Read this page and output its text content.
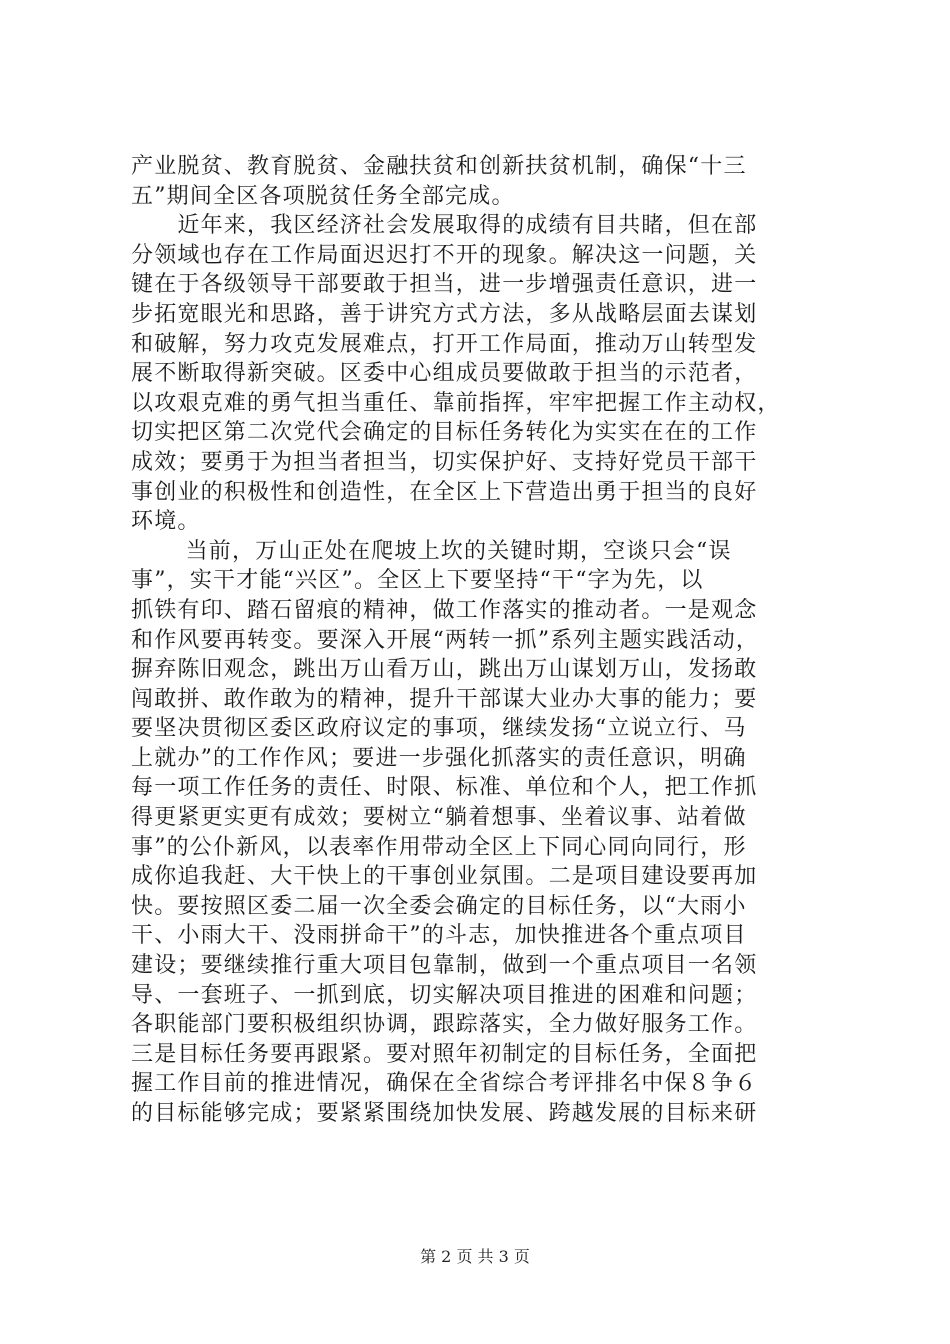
产业脱贫、教育脱贫、金融扶贫和创新扶贫机制，确保“十三
五”期间全区各项脱贫任务全部完成。
　　近年来，我区经济社会发展取得的成绩有目共睹，但在部
分领域也存在工作局面迟迟打不开的现象。解决这一问题，关
键在于各级领导干部要敢于担当，进一步增强责任意识，进一
步拓宽眼光和思路，善于讲究方式方法，多从战略层面去谋划
和破解，努力攻克发展难点，打开工作局面，推动万山转型发
展不断取得新突破。区委中心组成员要做敢于担当的示范者，
以攻艰克难的勇气担当重任、靠前指挥，牢牢把握工作主动权，
切实把区第二次党代会确定的目标任务转化为实实在在的工作
成效；要勇于为担当者担当，切实保护好、支持好党员干部干
事创业的积极性和创造性，在全区上下营造出勇于担当的良好
环境。
　　 当前，万山正处在爬坡上坎的关键时期，空谈只会“误
事”，实干才能“兴区”。全区上下要坚持“干“字为先，以
抓铁有印、踏石留痕的精神，做工作落实的推动者。一是观念
和作风要再转变。要深入开展“两转一抓”系列主题实践活动，
摒弃陈旧观念，跳出万山看万山，跳出万山谋划万山，发扬敢
闯敢拼、敢作敢为的精神，提升干部谋大业办大事的能力；要
要坚决贯彻区委区政府议定的事项，继续发扬“立说立行、马
上就办”的工作作风；要进一步强化抓落实的责任意识，明确
每一项工作任务的责任、时限、标准、单位和个人，把工作抓
得更紧更实更有成效；要树立“躺着想事、坐着议事、站着做
事”的公仆新风，以表率作用带动全区上下同心同向同行，形
成你追我赶、大干快上的干事创业氛围。二是项目建设要再加
快。要按照区委二届一次全委会确定的目标任务，以“大雨小
干、小雨大干、没雨拼命干”的斗志，加快推进各个重点项目
建设；要继续推行重大项目包靠制，做到一个重点项目一名领
导、一套班子、一抓到底，切实解决项目推进的困难和问题；
各职能部门要积极组织协调，跟踪落实，全力做好服务工作。
三是目标任务要再跟紧。要对照年初制定的目标任务，全面把
握工作目前的推进情况，确保在全省综合考评排名中保８争６
的目标能够完成；要紧紧围绕加快发展、跨越发展的目标来研
第 2 页 共 3 页
